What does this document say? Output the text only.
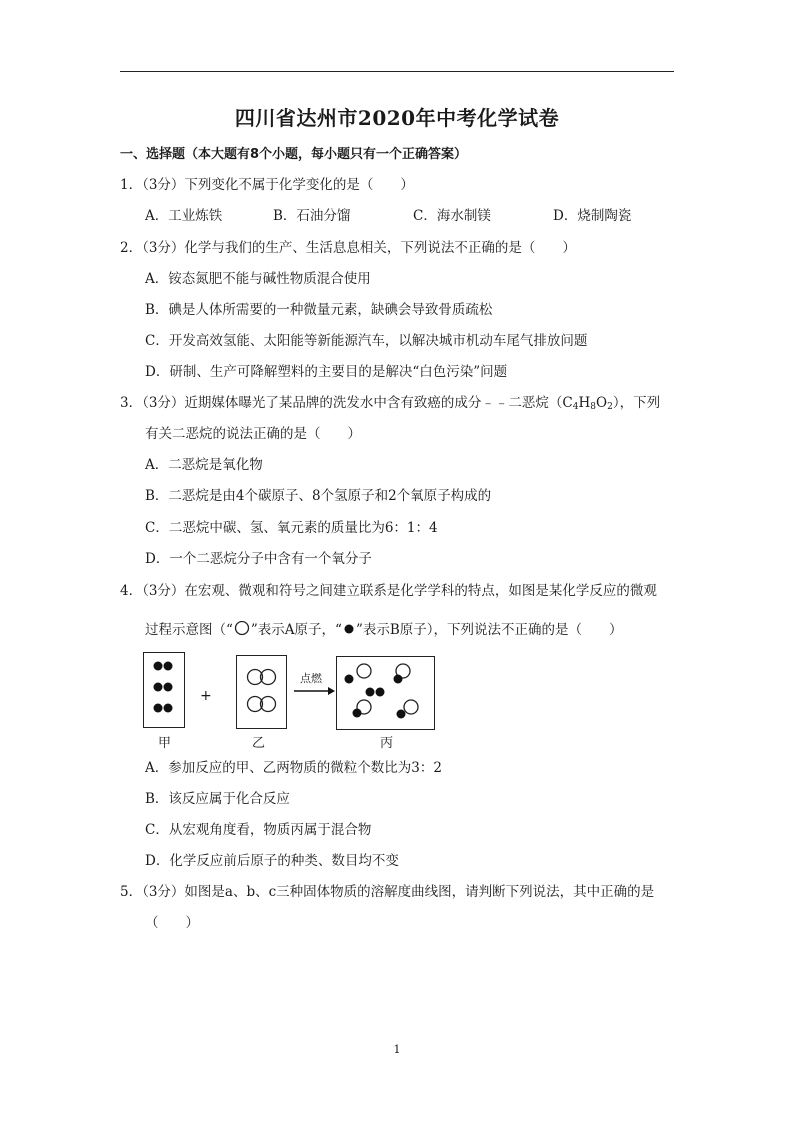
四川省达州市2020年中考化学试卷
一、选择题（本大题有8个小题，每小题只有一个正确答案）
1．（3分）下列变化不属于化学变化的是（　　）
A．工业炼铁	B．石油分馏	C．海水制镁	D．烧制陶瓷
2．（3分）化学与我们的生产、生活息息相关，下列说法不正确的是（　　）
A．铵态氮肥不能与碱性物质混合使用
B．碘是人体所需要的一种微量元素，缺碘会导致骨质疏松
C．开发高效氢能、太阳能等新能源汽车，以解决城市机动车尾气排放问题
D．研制、生产可降解塑料的主要目的是解决“白色污染”问题
3．（3分）近期媒体曝光了某品牌的洗发水中含有致癌的成分﹣﹣二恶烷$(C_4H_8O_2)$，下列
有关二恶烷的说法正确的是（　　）
A．二恶烷是氧化物
B．二恶烷是由4个碳原子、8个氢原子和2个氧原子构成的
C．二恶烷中碳、氢、氧元素的质量比为6：1：4
D．一个二恶烷分子中含有一个氧分子
4．（3分）在宏观、微观和符号之间建立联系是化学学科的特点，如图是某化学反应的微观
过程示意图（“ ”表示A原子，“ ”表示B原子），下列说法不正确的是（　　）
+
点燃
甲	乙	丙
A．参加反应的甲、乙两物质的微粒个数比为3：2
B．该反应属于化合反应
C．从宏观角度看，物质丙属于混合物
D．化学反应前后原子的种类、数目均不变
5．（3分）如图是a、b、c三种固体物质的溶解度曲线图，请判断下列说法，其中正确的是
（　　）
1
